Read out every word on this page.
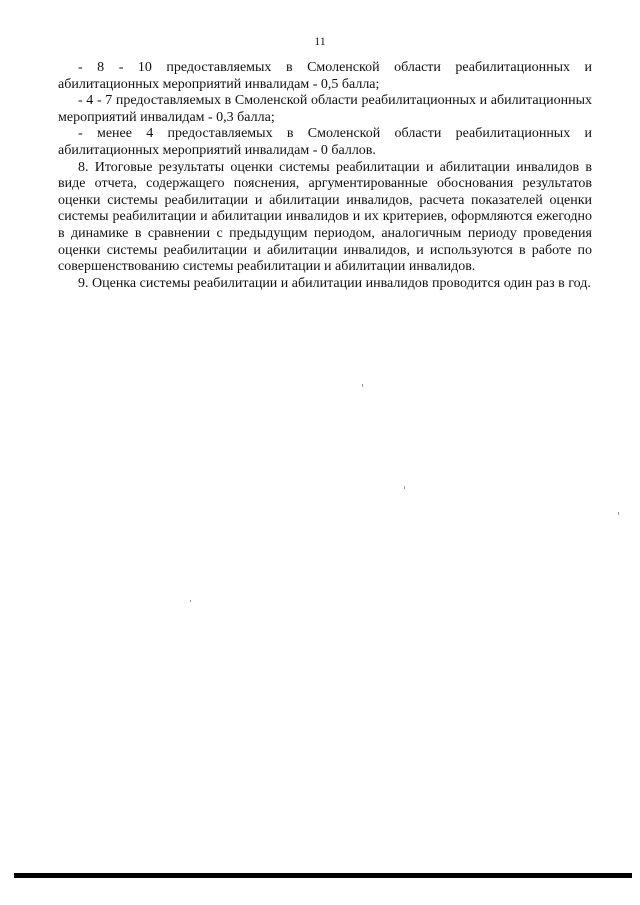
11

- 8 - 10 предоставляемых в Смоленской области реабилитационных и абилитационных мероприятий инвалидам - 0,5 балла;

- 4 - 7 предоставляемых в Смоленской области реабилитационных и абилитационных мероприятий инвалидам - 0,3 балла;

- менее 4 предоставляемых в Смоленской области реабилитационных и абилитационных мероприятий инвалидам - 0 баллов.

8. Итоговые результаты оценки системы реабилитации и абилитации инвалидов в виде отчета, содержащего пояснения, аргументированные обоснования результатов оценки системы реабилитации и абилитации инвалидов, расчета показателей оценки системы реабилитации и абилитации инвалидов и их критериев, оформляются ежегодно в динамике в сравнении с предыдущим периодом, аналогичным периоду проведения оценки системы реабилитации и абилитации инвалидов, и используются в работе по совершенствованию системы реабилитации и абилитации инвалидов.

9. Оценка системы реабилитации и абилитации инвалидов проводится один раз в год.
